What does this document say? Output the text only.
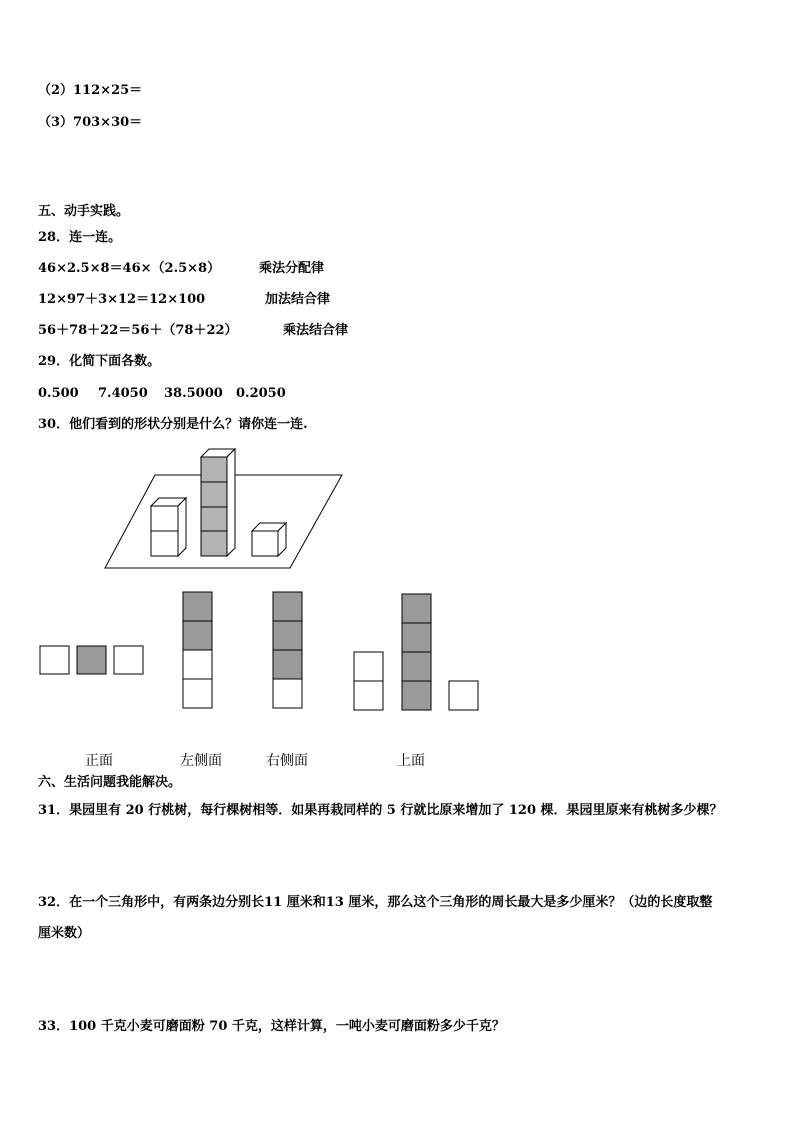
（2）112×25＝
（3）703×30＝
五、动手实践。
28．连一连。
46×2.5×8＝46×（2.5×8）	乘法分配律
12×97＋3×12＝12×100	加法结合律
56＋78＋22＝56＋（78＋22）	乘法结合律
29．化简下面各数。
0.500 7.4050 38.5000 0.2050
30．他们看到的形状分别是什么？请你连一连.
正面	左侧面	右侧面	上面
六、生活问题我能解决。
31．果园里有 20 行桃树，每行棵树相等．如果再栽同样的 5 行就比原来增加了 120 棵．果园里原来有桃树多少棵？
32．在一个三角形中，有两条边分别长11 厘米和13 厘米，那么这个三角形的周长最大是多少厘米？（边的长度取整
厘米数）
33．100 千克小麦可磨面粉 70 千克，这样计算，一吨小麦可磨面粉多少千克？
